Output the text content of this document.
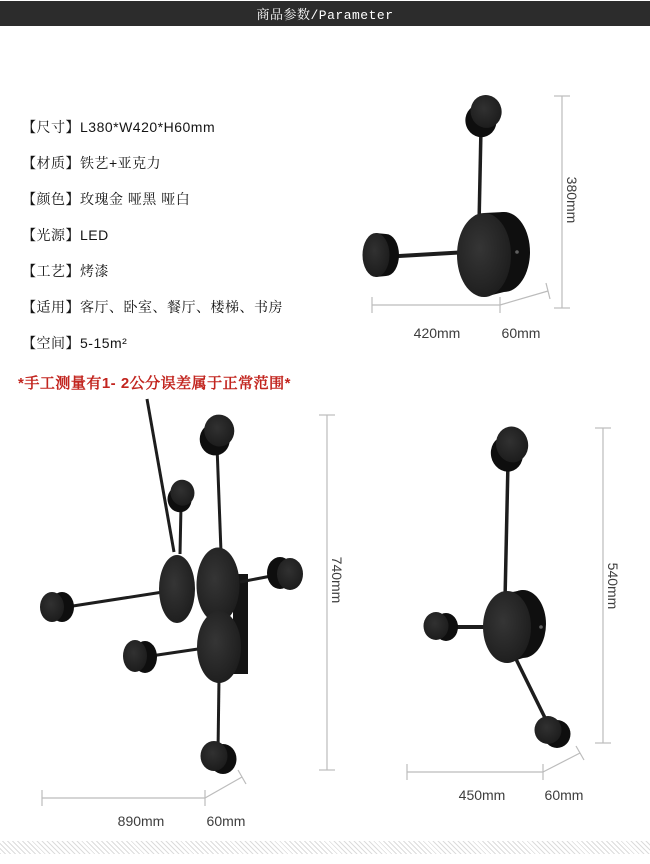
商品参数/Parameter
【尺寸】L380*W420*H60mm
【材质】铁艺+亚克力
【颜色】玫瑰金 哑黑 哑白
【光源】LED
【工艺】烤漆
【适用】客厅、卧室、餐厅、楼梯、书房
【空间】5-15m²
*手工测量有1- 2公分误差属于正常范围*
380mm
420mm	60mm
740mm
890mm	60mm
540mm
450mm	60mm
